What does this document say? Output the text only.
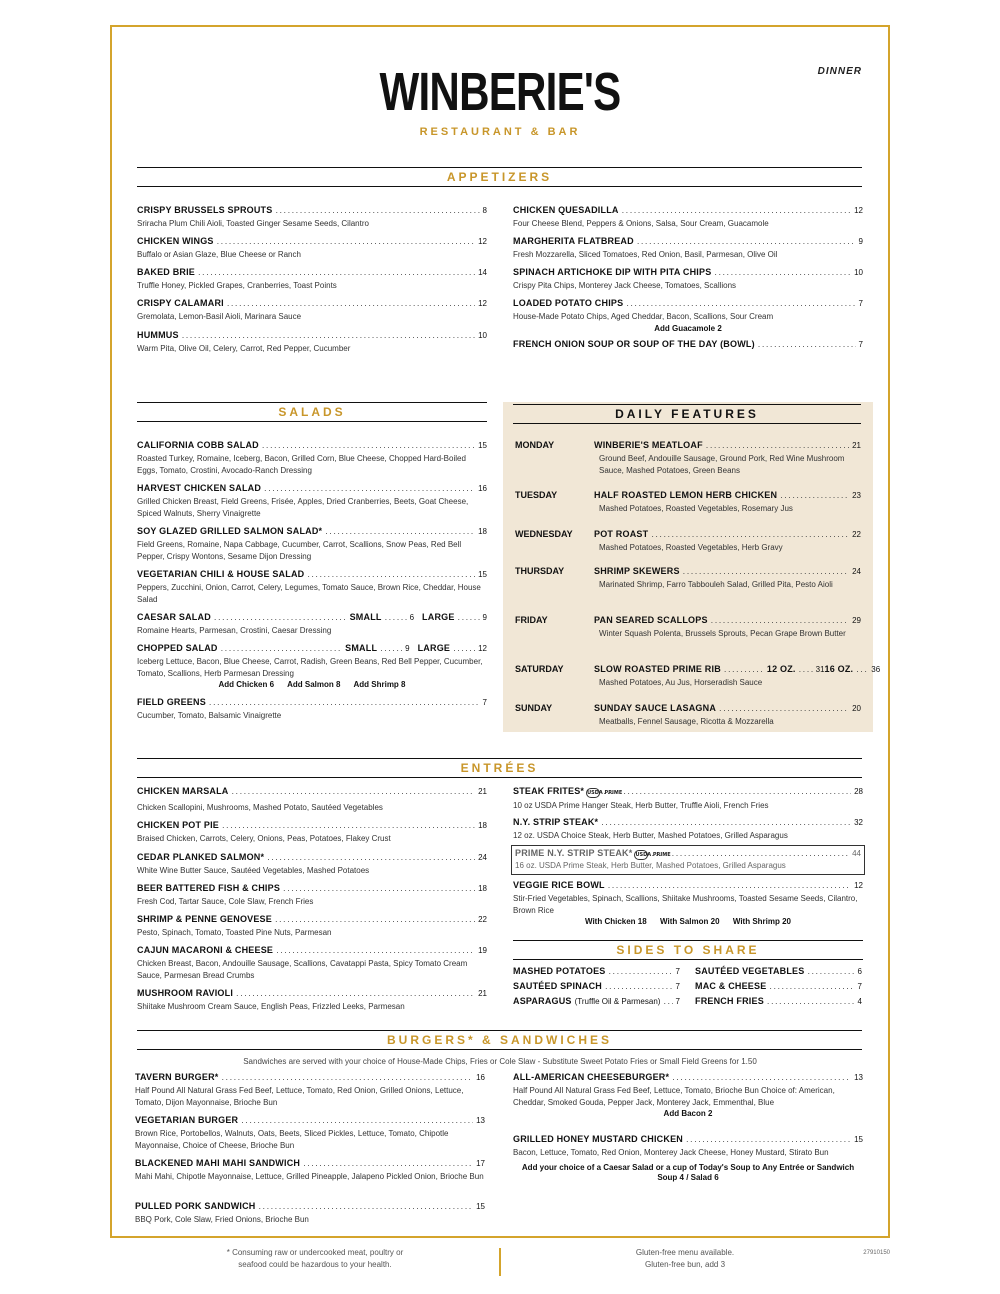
WINBERIE'S
RESTAURANT & BAR
DINNER
APPETIZERS
CRISPY BRUSSELS SPROUTS .....	8
Sriracha Plum Chili Aioli, Toasted Ginger Sesame Seeds, Cilantro
CHICKEN WINGS .....	12
Buffalo or Asian Glaze, Blue Cheese or Ranch
BAKED BRIE .....	14
Truffle Honey, Pickled Grapes, Cranberries, Toast Points
CRISPY CALAMARI .....	12
Gremolata, Lemon-Basil Aioli, Marinara Sauce
HUMMUS .....	10
Warm Pita, Olive Oil, Celery, Carrot, Red Pepper, Cucumber
CHICKEN QUESADILLA .....	12
Four Cheese Blend, Peppers & Onions, Salsa, Sour Cream, Guacamole
MARGHERITA FLATBREAD .....	9
Fresh Mozzarella, Sliced Tomatoes, Red Onion, Basil, Parmesan, Olive Oil
SPINACH ARTICHOKE DIP WITH PITA CHIPS .....	10
Crispy Pita Chips, Monterey Jack Cheese, Tomatoes, Scallions
LOADED POTATO CHIPS .....	7
House-Made Potato Chips, Aged Cheddar, Bacon, Scallions, Sour Cream
Add Guacamole 2
FRENCH ONION SOUP OR SOUP OF THE DAY (BOWL) .....	7
SALADS
CALIFORNIA COBB SALAD .....	15
Roasted Turkey, Romaine, Iceberg, Bacon, Grilled Corn, Blue Cheese, Chopped Hard-Boiled Eggs, Tomato, Crostini, Avocado-Ranch Dressing
HARVEST CHICKEN SALAD .....	16
Grilled Chicken Breast, Field Greens, Frisée, Apples, Dried Cranberries, Beets, Goat Cheese, Spiced Walnuts, Sherry Vinaigrette
SOY GLAZED GRILLED SALMON SALAD* .....	18
Field Greens, Romaine, Napa Cabbage, Cucumber, Carrot, Scallions, Snow Peas, Red Bell Pepper, Crispy Wontons, Sesame Dijon Dressing
VEGETARIAN CHILI & HOUSE SALAD .....	15
Peppers, Zucchini, Onion, Carrot, Celery, Legumes, Tomato Sauce, Brown Rice, Cheddar, House Salad
CAESAR SALAD .....	SMALL .....	6 LARGE .....	9
Romaine Hearts, Parmesan, Crostini, Caesar Dressing
CHOPPED SALAD .....	SMALL .....	9 LARGE .....	12
Iceberg Lettuce, Bacon, Blue Cheese, Carrot, Radish, Green Beans, Red Bell Pepper, Cucumber, Tomato, Scallions, Herb Parmesan Dressing
Add Chicken 6      Add Salmon 8      Add Shrimp 8
FIELD GREENS .....	7
Cucumber, Tomato, Balsamic Vinaigrette
DAILY FEATURES
MONDAY	WINBERIE'S MEATLOAF .....	21
Ground Beef, Andouille Sausage, Ground Pork, Red Wine Mushroom Sauce, Mashed Potatoes, Green Beans
TUESDAY	HALF ROASTED LEMON HERB CHICKEN .....	23
Mashed Potatoes, Roasted Vegetables, Rosemary Jus
WEDNESDAY POT ROAST .....	22
Mashed Potatoes, Roasted Vegetables, Herb Gravy
THURSDAY	SHRIMP SKEWERS .....	24
Marinated Shrimp, Farro Tabbouleh Salad, Grilled Pita, Pesto Aioli
FRIDAY	PAN SEARED SCALLOPS .....	29
Winter Squash Polenta, Brussels Sprouts, Pecan Grape Brown Butter
SATURDAY	SLOW ROASTED PRIME RIB .....	12 OZ. .....	31 16 OZ. ..... 36
Mashed Potatoes, Au Jus, Horseradish Sauce
SUNDAY	SUNDAY SAUCE LASAGNA .....	20
Meatballs, Fennel Sausage, Ricotta & Mozzarella
ENTRÉES
CHICKEN MARSALA .....	21
Chicken Scallopini, Mushrooms, Mashed Potato, Sautéed Vegetables
CHICKEN POT PIE .....	18
Braised Chicken, Carrots, Celery, Onions, Peas, Potatoes, Flakey Crust
CEDAR PLANKED SALMON* .....	24
White Wine Butter Sauce, Sautéed Vegetables, Mashed Potatoes
BEER BATTERED FISH & CHIPS .....	18
Fresh Cod, Tartar Sauce, Cole Slaw, French Fries
SHRIMP & PENNE GENOVESE .....	22
Pesto, Spinach, Tomato, Toasted Pine Nuts, Parmesan
CAJUN MACARONI & CHEESE .....	19
Chicken Breast, Bacon, Andouille Sausage, Scallions, Cavatappi Pasta, Spicy Tomato Cream Sauce, Parmesan Bread Crumbs
MUSHROOM RAVIOLI .....	21
Shiitake Mushroom Cream Sauce, English Peas, Frizzled Leeks, Parmesan
STEAK FRITES* USDA PRIME .....	28
10 oz USDA Prime Hanger Steak, Herb Butter, Truffle Aioli, French Fries
N.Y. STRIP STEAK* .....	32
12 oz. USDA Choice Steak, Herb Butter, Mashed Potatoes, Grilled Asparagus
PRIME N.Y. STRIP STEAK* USDA PRIME .....	44
16 oz. USDA Prime Steak, Herb Butter, Mashed Potatoes, Grilled Asparagus
VEGGIE RICE BOWL .....	12
Stir-Fried Vegetables, Spinach, Scallions, Shiitake Mushrooms, Toasted Sesame Seeds, Cilantro, Brown Rice
With Chicken 18      With Salmon 20      With Shrimp 20
SIDES TO SHARE
MASHED POTATOES .....	7
SAUTÉED SPINACH .....	7
ASPARAGUS (Truffle Oil & Parmesan) ..... 7
SAUTÉED VEGETABLES .....	6
MAC & CHEESE .....	7
FRENCH FRIES .....	4
BURGERS* & SANDWICHES
Sandwiches are served with your choice of House-Made Chips, Fries or Cole Slaw - Substitute Sweet Potato Fries or Small Field Greens for 1.50
TAVERN BURGER* .....	16
Half Pound All Natural Grass Fed Beef, Lettuce, Tomato, Red Onion, Grilled Onions, Lettuce, Tomato, Dijon Mayonnaise, Brioche Bun
VEGETARIAN BURGER .....	13
Brown Rice, Portobellos, Walnuts, Oats, Beets, Sliced Pickles, Lettuce, Tomato, Chipotle Mayonnaise, Choice of Cheese, Brioche Bun
BLACKENED MAHI MAHI SANDWICH .....	17
Mahi Mahi, Chipotle Mayonnaise, Lettuce, Grilled Pineapple, Jalapeno Pickled Onion, Brioche Bun
PULLED PORK SANDWICH .....	15
BBQ Pork, Cole Slaw, Fried Onions, Brioche Bun
ALL-AMERICAN CHEESEBURGER* .....	13
Half Pound All Natural Grass Fed Beef, Lettuce, Tomato, Brioche Bun Choice of: American, Cheddar, Smoked Gouda, Pepper Jack, Monterey Jack, Emmenthal, Blue
Add Bacon 2
GRILLED HONEY MUSTARD CHICKEN .....	15
Bacon, Lettuce, Tomato, Red Onion, Monterey Jack Cheese, Honey Mustard, Stirato Bun
Add your choice of a Caesar Salad or a cup of Today's Soup to Any Entrée or Sandwich
Soup 4 / Salad 6
* Consuming raw or undercooked meat, poultry or
seafood could be hazardous to your health.
Gluten-free menu available.
Gluten-free bun, add 3
27910150
